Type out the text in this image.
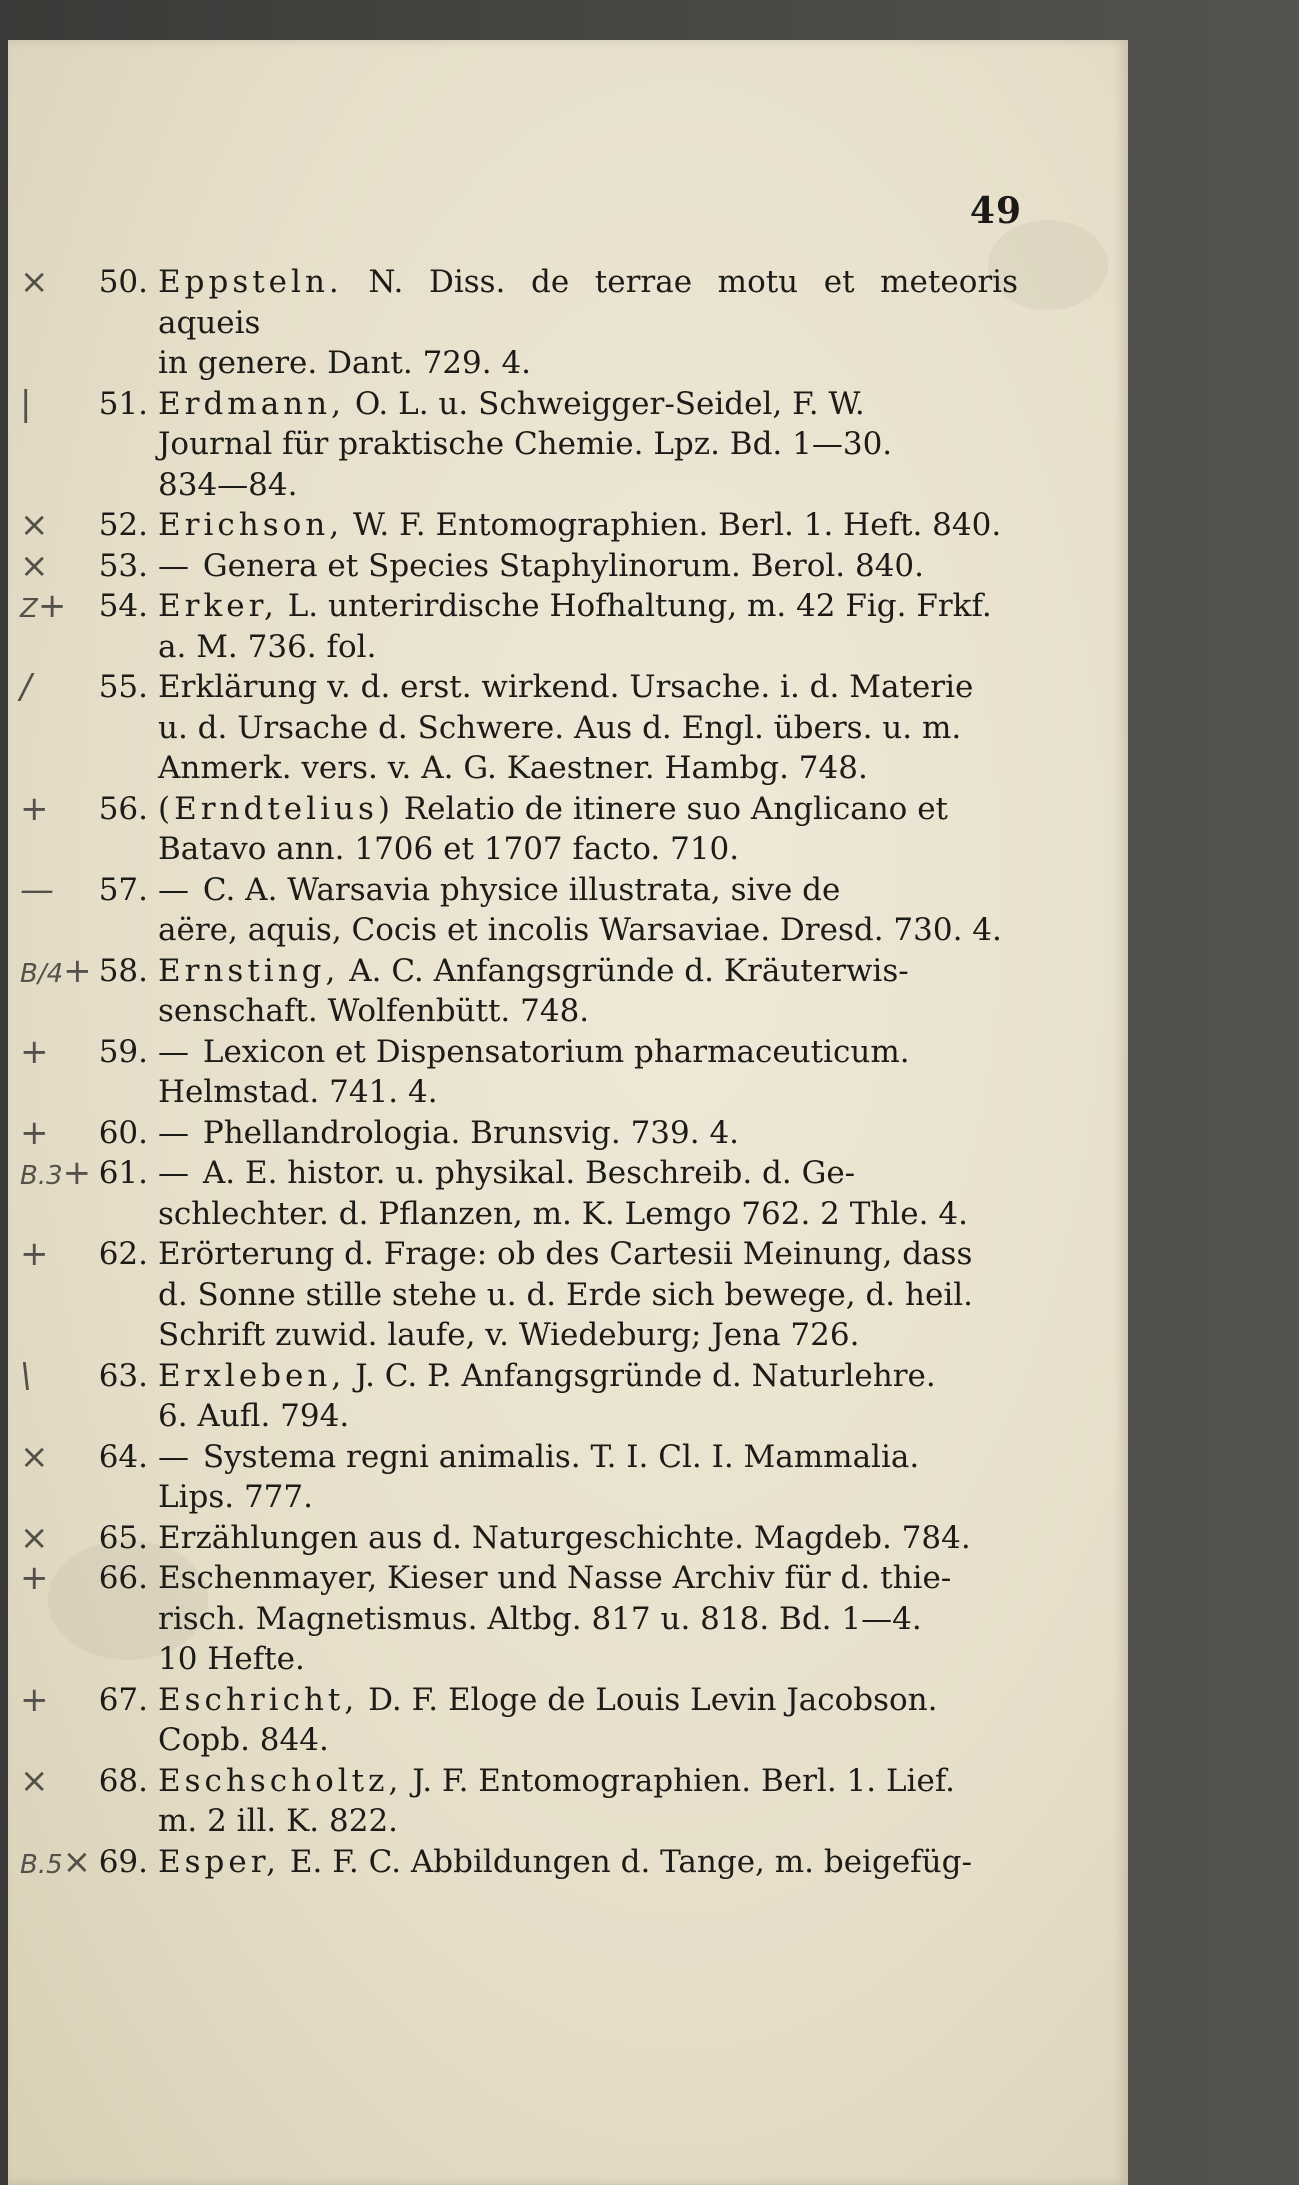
49
×	50. Eppsteln. N. Diss. de terrae motu et meteoris aqueis
in genere. Dant. 729. 4.
|	51. Erdmann, O. L. u. Schweigger-Seidel, F. W.
Journal für praktische Chemie. Lpz. Bd. 1—30.
834—84.
×	52. Erichson, W. F. Entomographien. Berl. 1. Heft. 840.
×	53. — Genera et Species Staphylinorum. Berol. 840.
Z+	54. Erker, L. unterirdische Hofhaltung, m. 42 Fig. Frkf.
a. M. 736. fol.
/	55. Erklärung v. d. erst. wirkend. Ursache. i. d. Materie
u. d. Ursache d. Schwere. Aus d. Engl. übers. u. m.
Anmerk. vers. v. A. G. Kaestner. Hambg. 748.
+	56. (Erndtelius) Relatio de itinere suo Anglicano et
Batavo ann. 1706 et 1707 facto. 710.
—	57. — C. A. Warsavia physice illustrata, sive de
aëre, aquis, Cocis et incolis Warsaviae. Dresd. 730. 4.
B/4+ 58. Ernsting, A. C. Anfangsgründe d. Kräuterwis-
senschaft. Wolfenbütt. 748.
+	59. — Lexicon et Dispensatorium pharmaceuticum.
Helmstad. 741. 4.
+	60. — Phellandrologia. Brunsvig. 739. 4.
B.3+ 61. — A. E. histor. u. physikal. Beschreib. d. Ge-
schlechter. d. Pflanzen, m. K. Lemgo 762. 2 Thle. 4.
+	62. Erörterung d. Frage: ob des Cartesii Meinung, dass
d. Sonne stille stehe u. d. Erde sich bewege, d. heil.
Schrift zuwid. laufe, v. Wiedeburg; Jena 726.
\	63. Erxleben, J. C. P. Anfangsgründe d. Naturlehre.
6. Aufl. 794.
×	64. — Systema regni animalis. T. I. Cl. I. Mammalia.
Lips. 777.
×	65. Erzählungen aus d. Naturgeschichte. Magdeb. 784.
+	66. Eschenmayer, Kieser und Nasse Archiv für d. thie-
risch. Magnetismus. Altbg. 817 u. 818. Bd. 1—4.
10 Hefte.
+	67. Eschricht, D. F. Eloge de Louis Levin Jacobson.
Copb. 844.
×	68. Eschscholtz, J. F. Entomographien. Berl. 1. Lief.
m. 2 ill. K. 822.
B.5× 69. Esper, E. F. C. Abbildungen d. Tange, m. beigefüg-
